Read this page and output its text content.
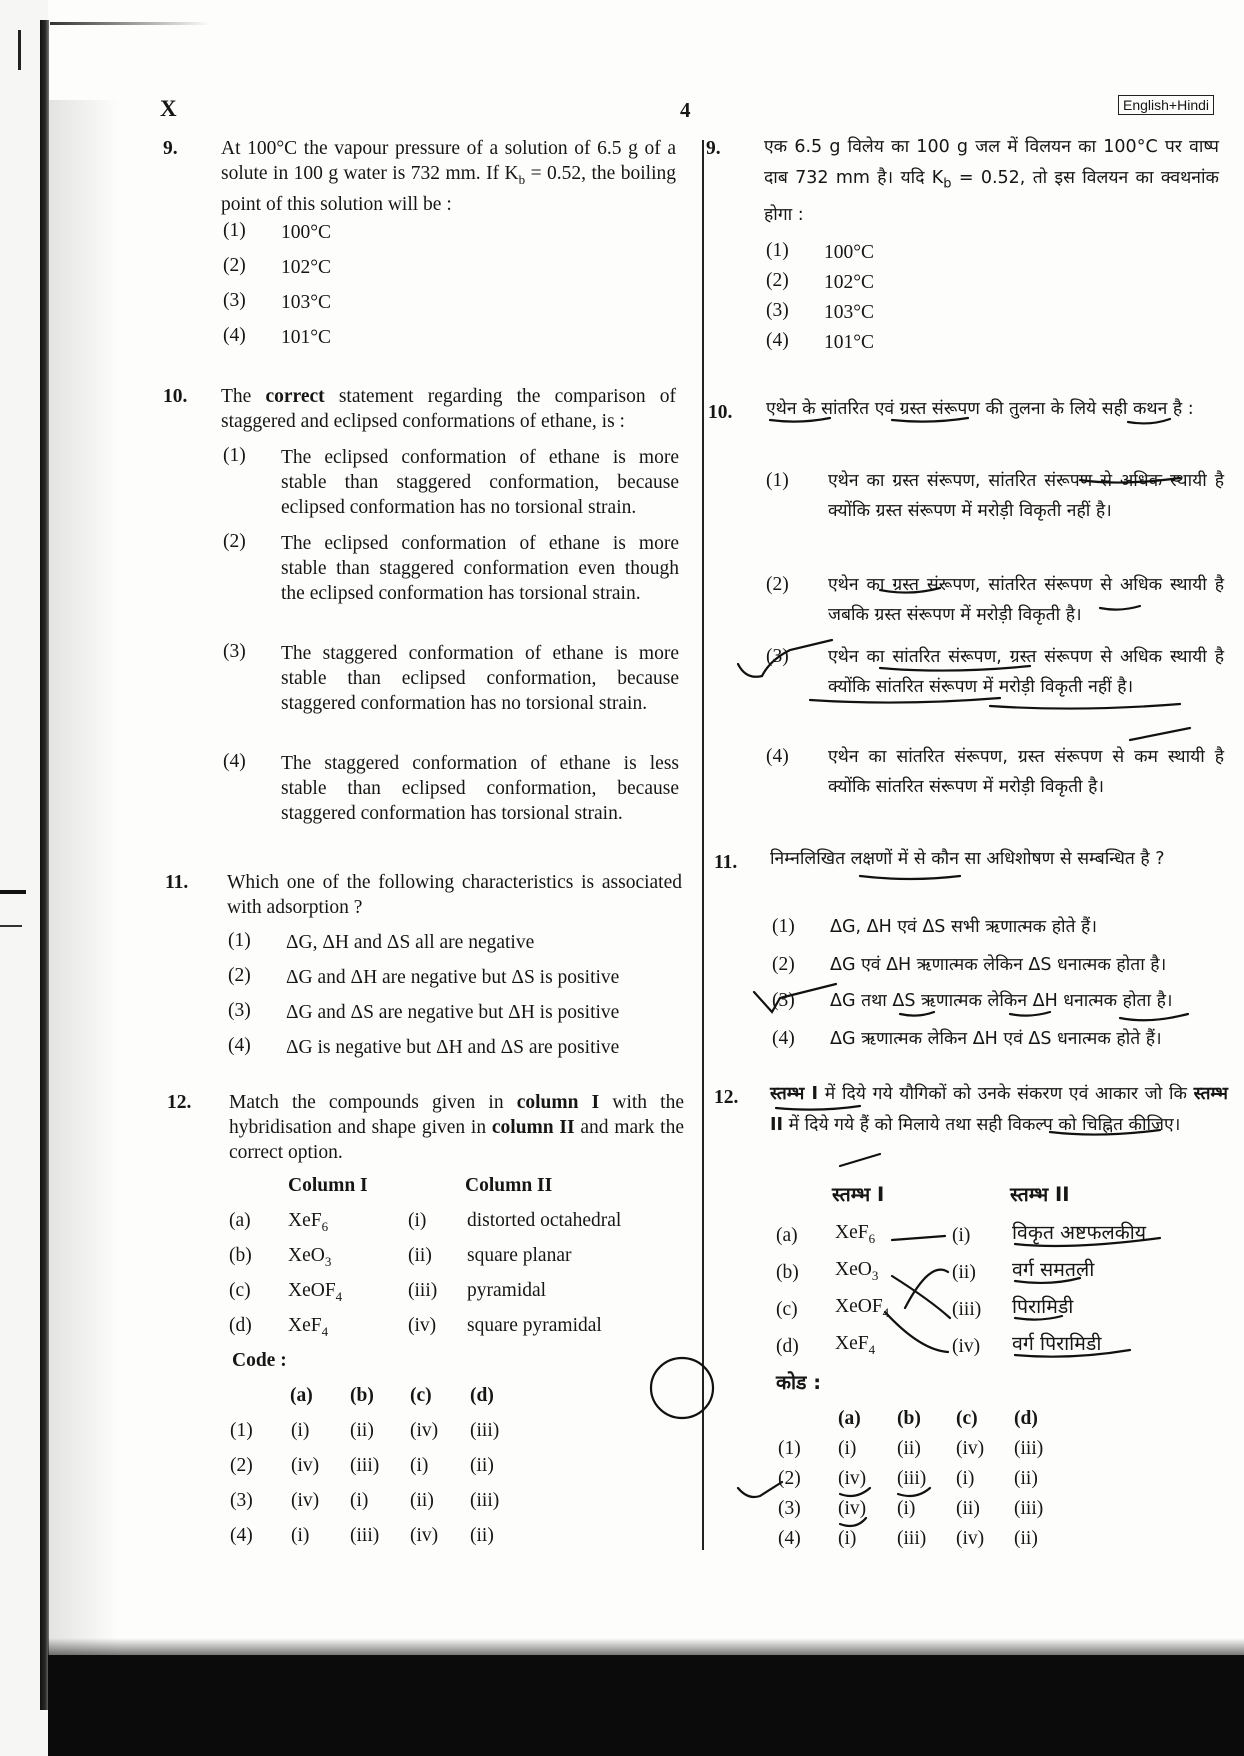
X	4	English+Hindi
9. At 100°C the vapour pressure of a solution of 6.5 g of a solute in 100 g water is 732 mm. If $K_b = 0.52$, the boiling point of this solution will be :
(1) 100°C
(2) 102°C
(3) 103°C
(4) 101°C
10. The correct statement regarding the comparison of staggered and eclipsed conformations of ethane, is :
(1) The eclipsed conformation of ethane is more stable than staggered conformation, because eclipsed conformation has no torsional strain.
(2) The eclipsed conformation of ethane is more stable than staggered conformation even though the eclipsed conformation has torsional strain.
(3) The staggered conformation of ethane is more stable than eclipsed conformation, because staggered conformation has no torsional strain.
(4) The staggered conformation of ethane is less stable than eclipsed conformation, because staggered conformation has torsional strain.
11. Which one of the following characteristics is associated with adsorption ?
(1) ΔG, ΔH and ΔS all are negative
(2) ΔG and ΔH are negative but ΔS is positive
(3) ΔG and ΔS are negative but ΔH is positive
(4) ΔG is negative but ΔH and ΔS are positive
12. Match the compounds given in column I with the hybridisation and shape given in column II and mark the correct option.
Column I	Column II
(a) XeF$_6$	(i) distorted octahedral
(b) XeO$_3$	(ii) square planar
(c) XeOF$_4$	(iii) pyramidal
(d) XeF$_4$	(iv) square pyramidal
Code :
(a) (b) (c) (d)
(1) (i) (ii) (iv) (iii)
(2) (iv) (iii) (i) (ii)
(3) (iv) (i) (ii) (iii)
(4) (i) (iii) (iv) (ii)
9. एक 6.5 g विलेय का 100 g जल में विलयन का 100°C पर वाष्प दाब 732 mm है। यदि $K_b = 0.52$, तो इस विलयन का क्वथनांक होगा :
(1) 100°C
(2) 102°C
(3) 103°C
(4) 101°C
10. एथेन के सांतरित एवं ग्रस्त संरूपण की तुलना के लिये सही कथन है :
(1) एथेन का ग्रस्त संरूपण, सांतरित संरूपण से अधिक स्थायी है क्योंकि ग्रस्त संरूपण में मरोड़ी विकृती नहीं है।
(2) एथेन का ग्रस्त संरूपण, सांतरित संरूपण से अधिक स्थायी है जबकि ग्रस्त संरूपण में मरोड़ी विकृती है।
(3) एथेन का सांतरित संरूपण, ग्रस्त संरूपण से अधिक स्थायी है क्योंकि सांतरित संरूपण में मरोड़ी विकृती नहीं है।
(4) एथेन का सांतरित संरूपण, ग्रस्त संरूपण से कम स्थायी है क्योंकि सांतरित संरूपण में मरोड़ी विकृती है।
11. निम्नलिखित लक्षणों में से कौन सा अधिशोषण से सम्बन्धित है ?
(1) ΔG, ΔH एवं ΔS सभी ऋणात्मक होते हैं।
(2) ΔG एवं ΔH ऋणात्मक लेकिन ΔS धनात्मक होता है।
(3) ΔG तथा ΔS ऋणात्मक लेकिन ΔH धनात्मक होता है।
(4) ΔG ऋणात्मक लेकिन ΔH एवं ΔS धनात्मक होते हैं।
12. स्तम्भ I में दिये गये यौगिकों को उनके संकरण एवं आकार जो कि स्तम्भ II में दिये गये हैं को मिलाये तथा सही विकल्प को चिह्नित कीजिए।
स्तम्भ I	स्तम्भ II
(a) XeF$_6$	(i) विकृत अष्टफलकीय
(b) XeO$_3$	(ii) वर्ग समतली
(c) XeOF$_4$	(iii) पिरामिडी
(d) XeF$_4$	(iv) वर्ग पिरामिडी
कोड :
(a) (b) (c) (d)
(1) (i) (ii) (iv) (iii)
(2) (iv) (iii) (i) (ii)
(3) (iv) (i) (ii) (iii)
(4) (i) (iii) (iv) (ii)
